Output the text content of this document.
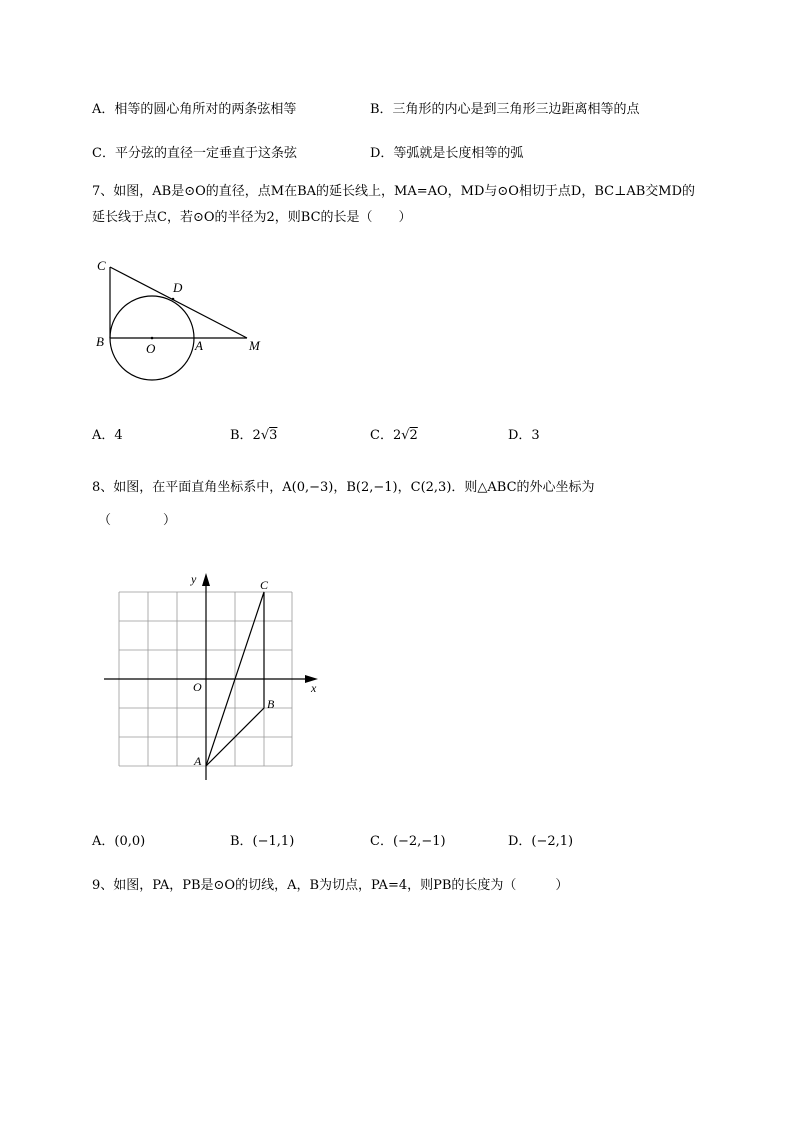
A．相等的圆心角所对的两条弦相等	B．三角形的内心是到三角形三边距离相等的点
C．平分弦的直径一定垂直于这条弦	D．等弧就是长度相等的弧
7、如图，AB是⊙O的直径，点M在BA的延长线上，MA=AO，MD与⊙O相切于点D，BC⊥AB交MD的
延长线于点C，若⊙O的半径为2，则BC的长是（　　）
C
D
B	O	A	M
A．4	B．2√3	C．2√2	D．3
8、如图，在平面直角坐标系中，A(0,−3)，B(2,−1)，C(2,3)．则△ABC的外心坐标为
（　　　　）
y
x
O
A
B
C
A．(0,0)	B．(−1,1)	C．(−2,−1)	D．(−2,1)
9、如图，PA，PB是⊙O的切线，A，B为切点，PA=4，则PB的长度为（　　　）
